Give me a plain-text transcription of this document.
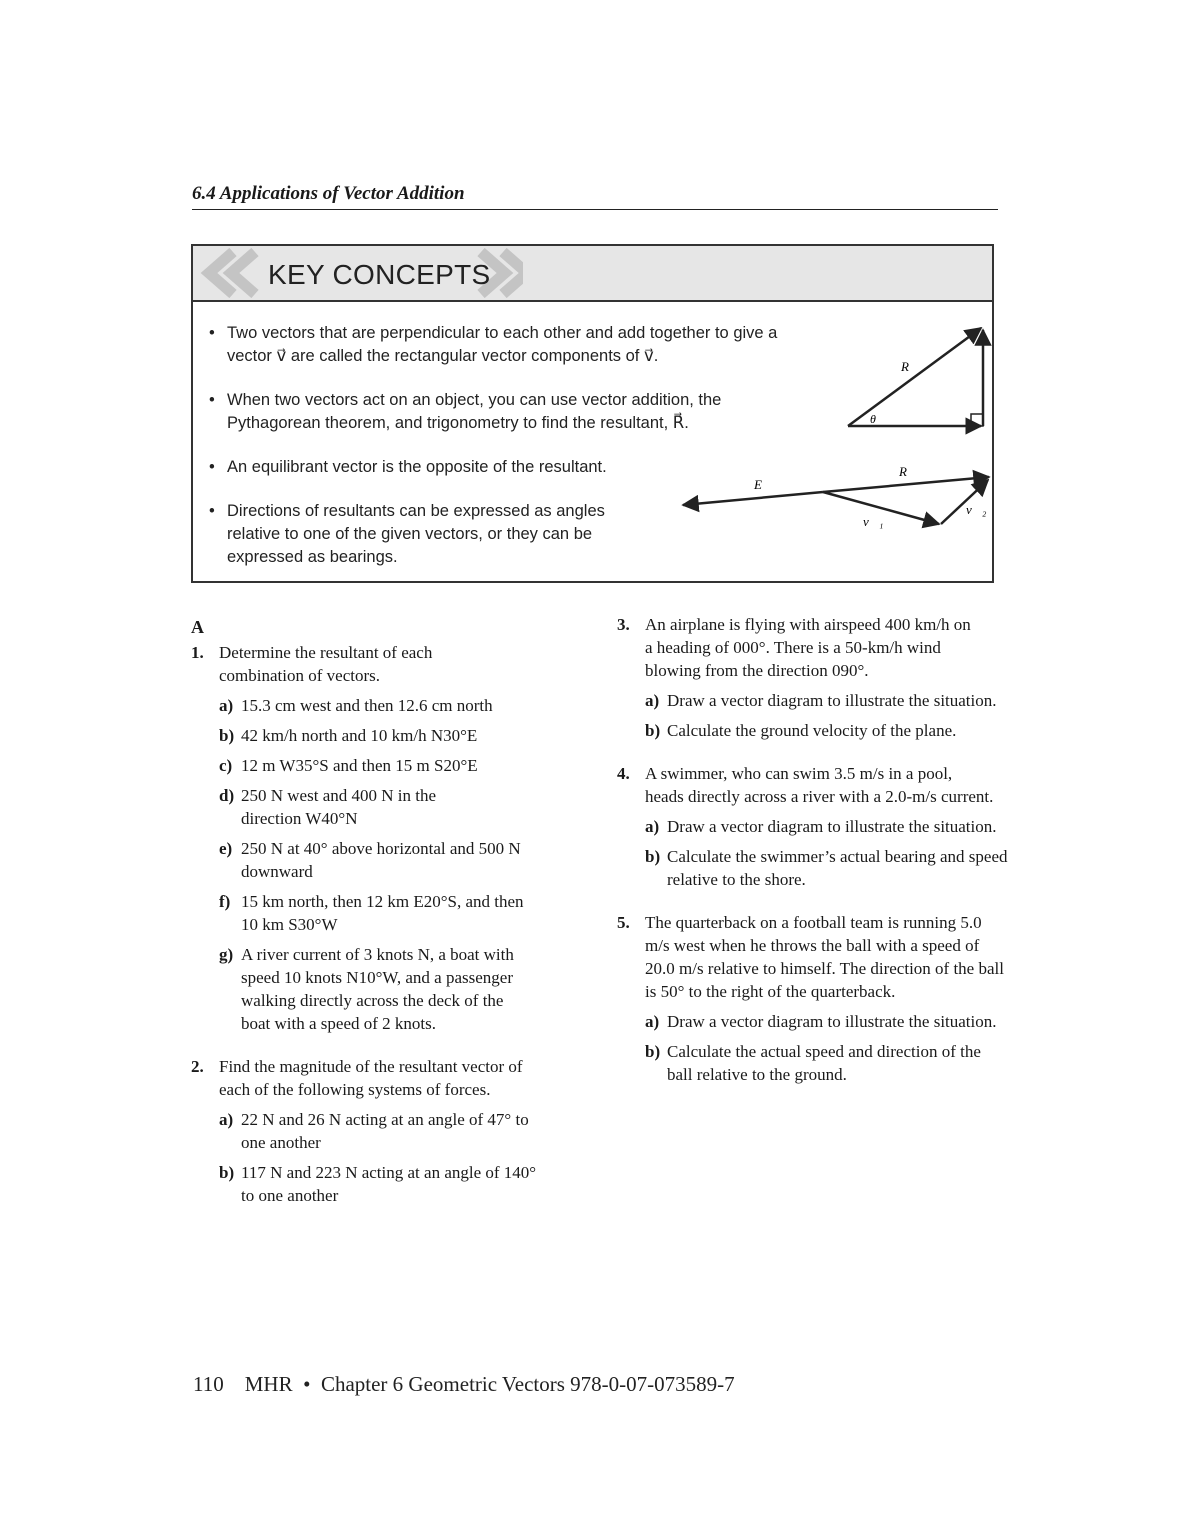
6.4 Applications of Vector Addition
KEY CONCEPTS
• Two vectors that are perpendicular to each other and add together to give a vector v⃗ are called the rectangular vector components of v⃗.
• When two vectors act on an object, you can use vector addition, the Pythagorean theorem, and trigonometry to find the resultant, R⃗.
• An equilibrant vector is the opposite of the resultant.
• Directions of resultants can be expressed as angles relative to one of the given vectors, or they can be expressed as bearings.
R⃗
θ
E⃗
R⃗
v⃗₁
v⃗₂
A
1. Determine the resultant of each combination of vectors.
a) 15.3 cm west and then 12.6 cm north
b) 42 km/h north and 10 km/h N30°E
c) 12 m W35°S and then 15 m S20°E
d) 250 N west and 400 N in the direction W40°N
e) 250 N at 40° above horizontal and 500 N downward
f) 15 km north, then 12 km E20°S, and then 10 km S30°W
g) A river current of 3 knots N, a boat with speed 10 knots N10°W, and a passenger walking directly across the deck of the boat with a speed of 2 knots.
2. Find the magnitude of the resultant vector of each of the following systems of forces.
a) 22 N and 26 N acting at an angle of 47° to one another
b) 117 N and 223 N acting at an angle of 140° to one another
3. An airplane is flying with airspeed 400 km/h on a heading of 000°. There is a 50-km/h wind blowing from the direction 090°.
a) Draw a vector diagram to illustrate the situation.
b) Calculate the ground velocity of the plane.
4. A swimmer, who can swim 3.5 m/s in a pool, heads directly across a river with a 2.0-m/s current.
a) Draw a vector diagram to illustrate the situation.
b) Calculate the swimmer’s actual bearing and speed relative to the shore.
5. The quarterback on a football team is running 5.0 m/s west when he throws the ball with a speed of 20.0 m/s relative to himself. The direction of the ball is 50° to the right of the quarterback.
a) Draw a vector diagram to illustrate the situation.
b) Calculate the actual speed and direction of the ball relative to the ground.
110 MHR • Chapter 6 Geometric Vectors 978-0-07-073589-7
